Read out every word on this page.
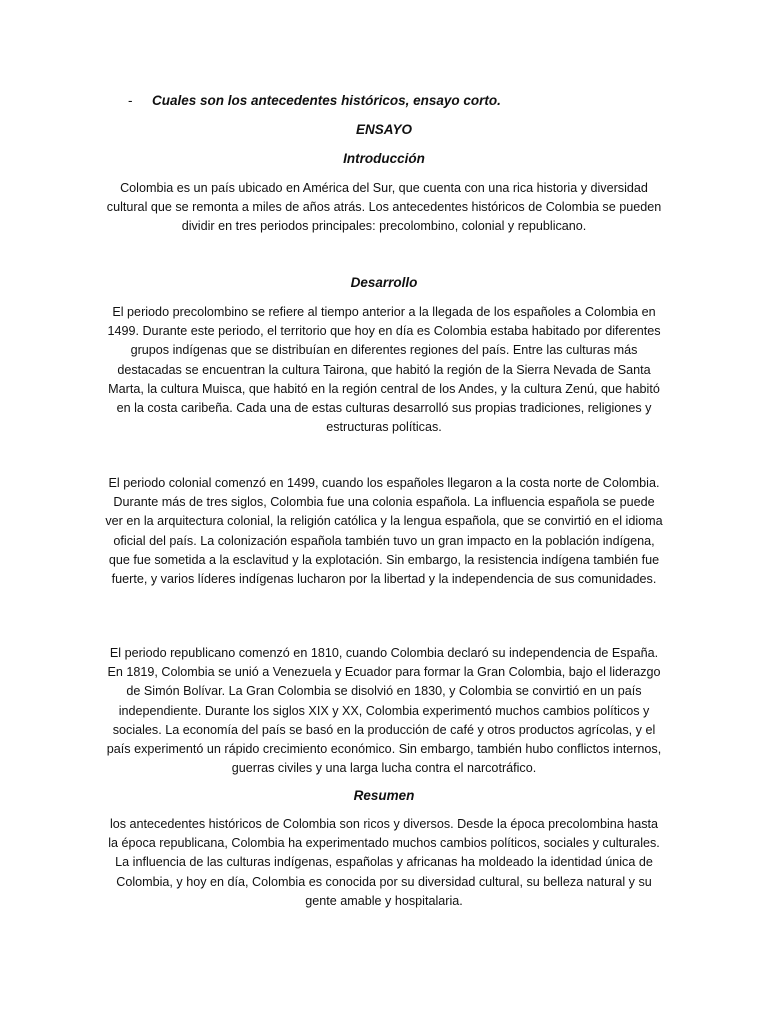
- Cuales son los antecedentes históricos, ensayo corto.
ENSAYO
Introducción

Colombia es un país ubicado en América del Sur, que cuenta con una rica historia y diversidad cultural que se remonta a miles de años atrás. Los antecedentes históricos de Colombia se pueden dividir en tres periodos principales: precolombino, colonial y republicano.

Desarrollo

El periodo precolombino se refiere al tiempo anterior a la llegada de los españoles a Colombia en 1499. Durante este periodo, el territorio que hoy en día es Colombia estaba habitado por diferentes grupos indígenas que se distribuían en diferentes regiones del país. Entre las culturas más destacadas se encuentran la cultura Tairona, que habitó la región de la Sierra Nevada de Santa Marta, la cultura Muisca, que habitó en la región central de los Andes, y la cultura Zenú, que habitó en la costa caribeña. Cada una de estas culturas desarrolló sus propias tradiciones, religiones y estructuras políticas.

El periodo colonial comenzó en 1499, cuando los españoles llegaron a la costa norte de Colombia. Durante más de tres siglos, Colombia fue una colonia española. La influencia española se puede ver en la arquitectura colonial, la religión católica y la lengua española, que se convirtió en el idioma oficial del país. La colonización española también tuvo un gran impacto en la población indígena, que fue sometida a la esclavitud y la explotación. Sin embargo, la resistencia indígena también fue fuerte, y varios líderes indígenas lucharon por la libertad y la independencia de sus comunidades.

El periodo republicano comenzó en 1810, cuando Colombia declaró su independencia de España. En 1819, Colombia se unió a Venezuela y Ecuador para formar la Gran Colombia, bajo el liderazgo de Simón Bolívar. La Gran Colombia se disolvió en 1830, y Colombia se convirtió en un país independiente. Durante los siglos XIX y XX, Colombia experimentó muchos cambios políticos y sociales. La economía del país se basó en la producción de café y otros productos agrícolas, y el país experimentó un rápido crecimiento económico. Sin embargo, también hubo conflictos internos, guerras civiles y una larga lucha contra el narcotráfico.

Resumen

los antecedentes históricos de Colombia son ricos y diversos. Desde la época precolombina hasta la época republicana, Colombia ha experimentado muchos cambios políticos, sociales y culturales. La influencia de las culturas indígenas, españolas y africanas ha moldeado la identidad única de Colombia, y hoy en día, Colombia es conocida por su diversidad cultural, su belleza natural y su gente amable y hospitalaria.
